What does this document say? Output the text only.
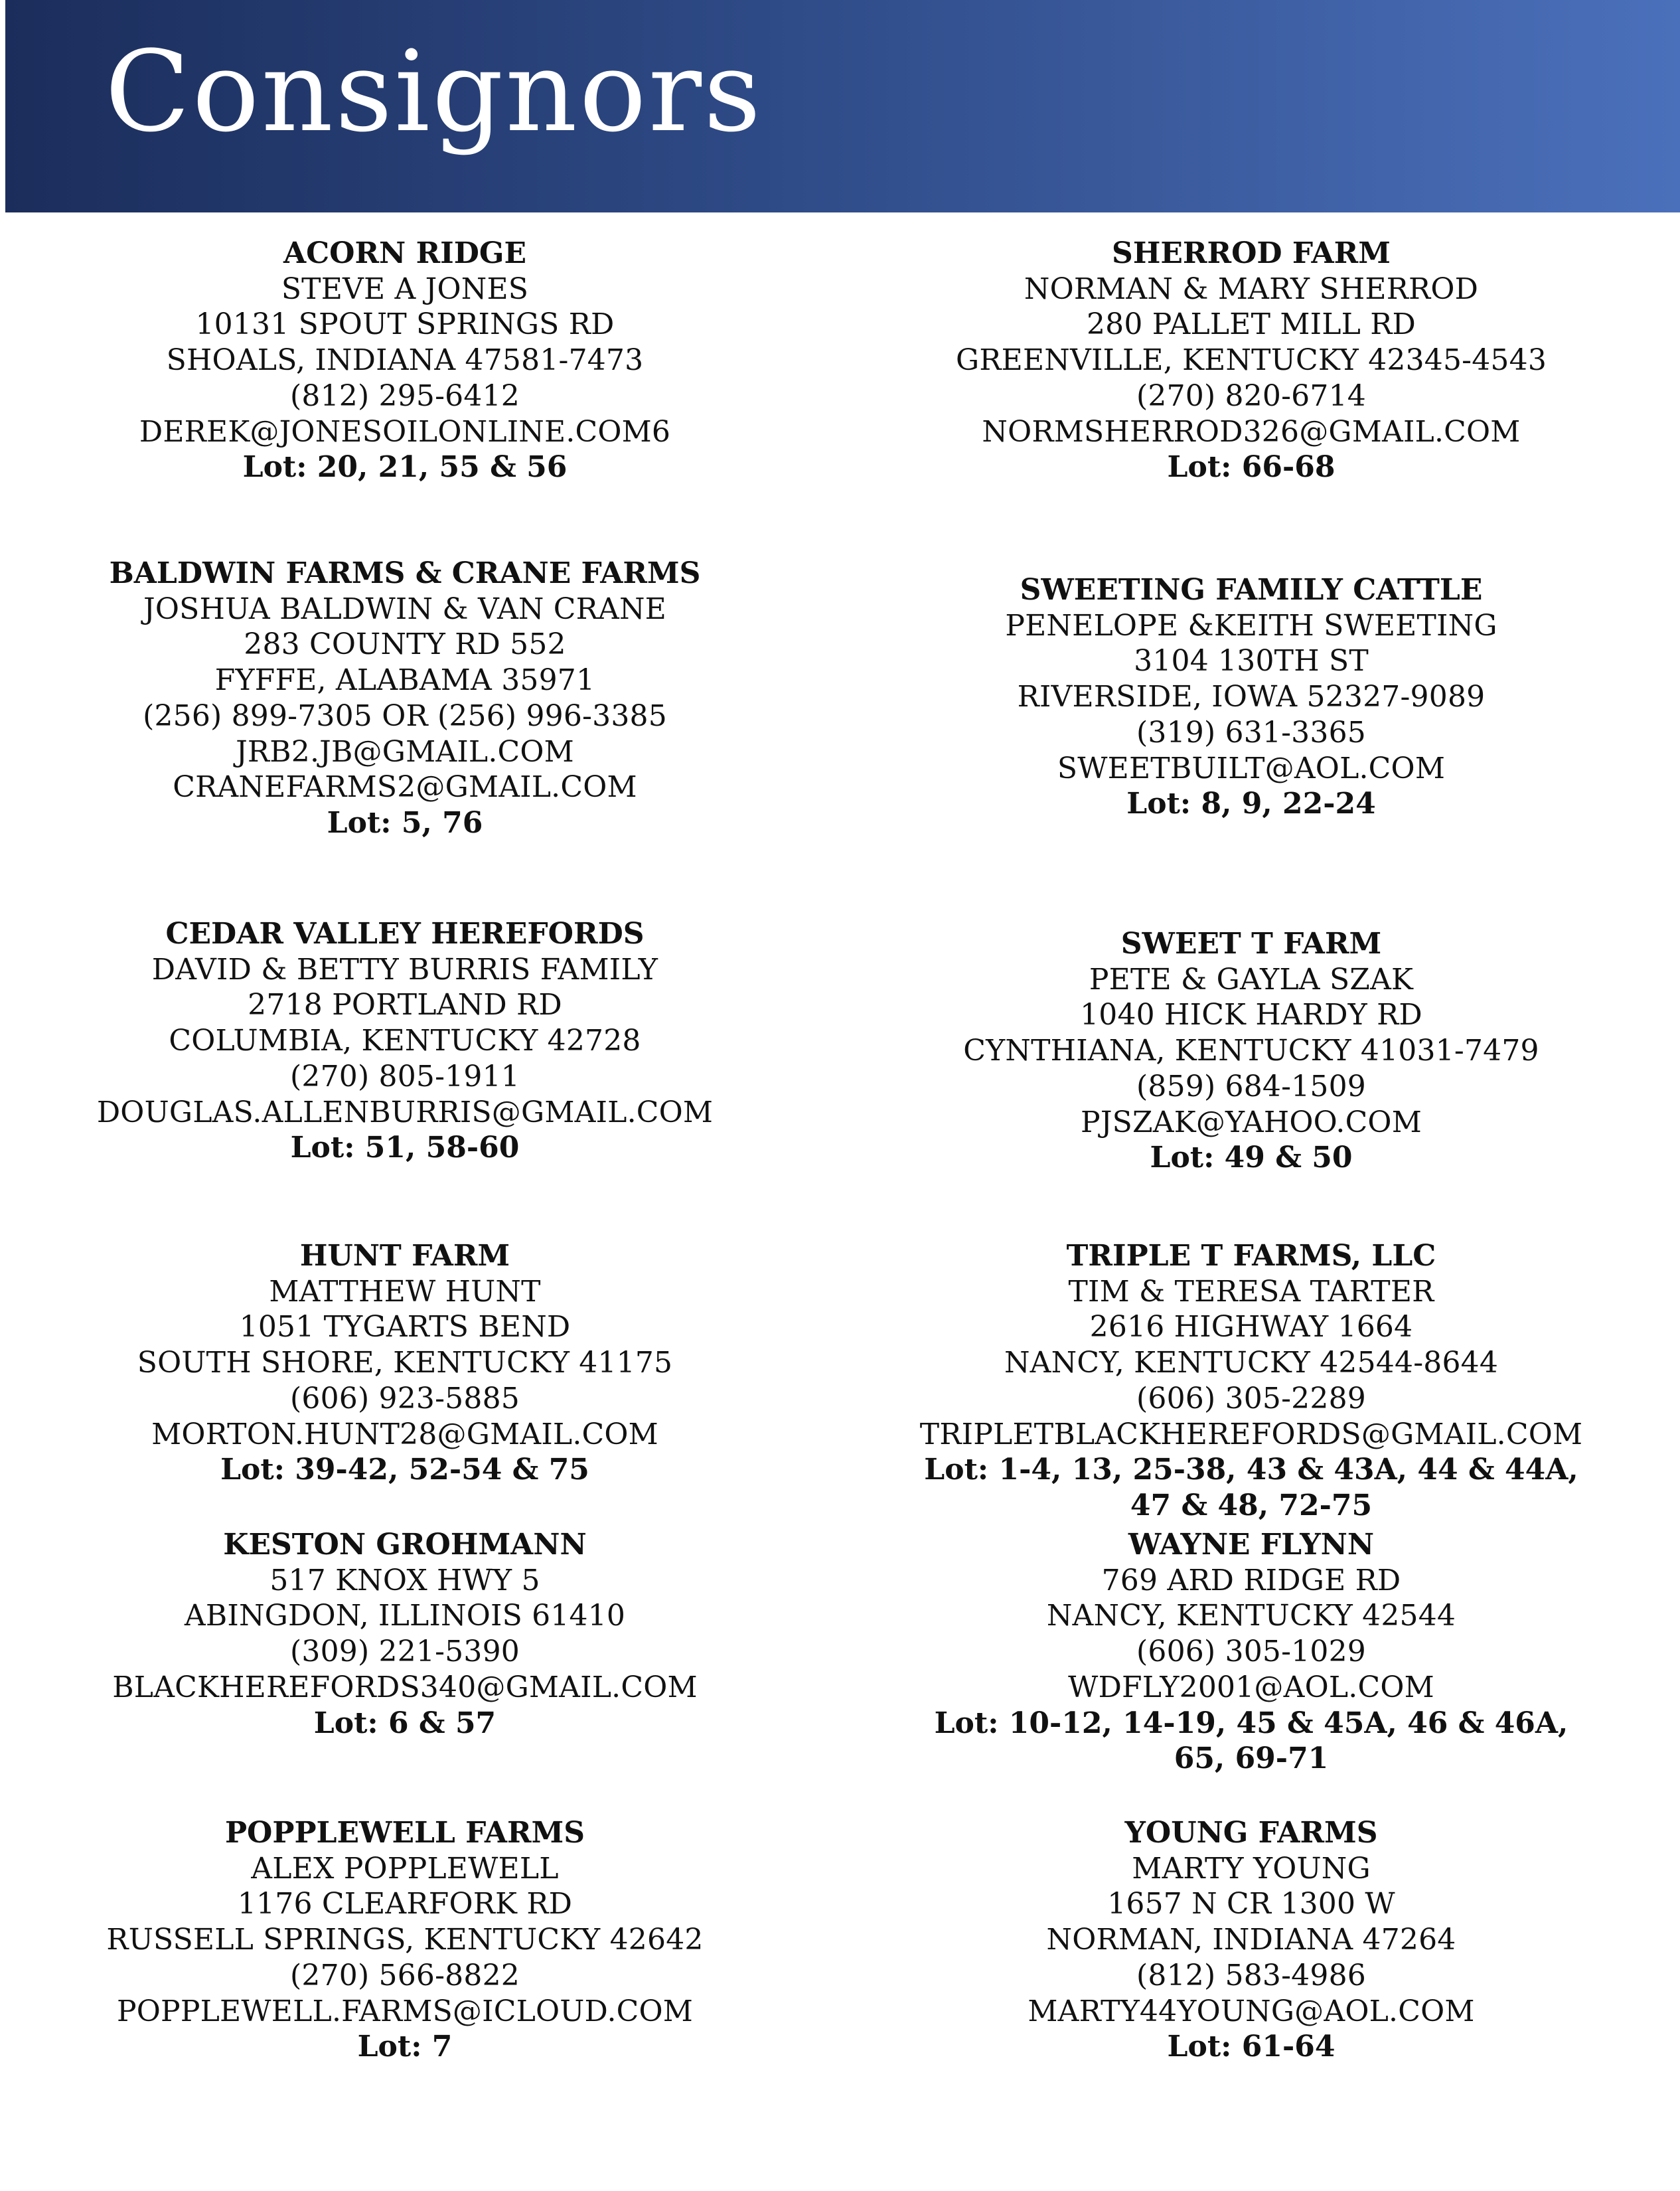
Consignors
ACORN RIDGE
STEVE A JONES
10131 SPOUT SPRINGS RD
SHOALS, INDIANA 47581-7473
(812) 295-6412
DEREK@JONESOILONLINE.COM6
Lot: 20, 21, 55 & 56
BALDWIN FARMS & CRANE FARMS
JOSHUA BALDWIN & VAN CRANE
283 COUNTY RD 552
FYFFE, ALABAMA 35971
(256) 899-7305 OR (256) 996-3385
JRB2.JB@GMAIL.COM
CRANEFARMS2@GMAIL.COM
Lot: 5, 76
CEDAR VALLEY HEREFORDS
DAVID & BETTY BURRIS FAMILY
2718 PORTLAND RD
COLUMBIA, KENTUCKY 42728
(270) 805-1911
DOUGLAS.ALLENBURRIS@GMAIL.COM
Lot: 51, 58-60
HUNT FARM
MATTHEW HUNT
1051 TYGARTS BEND
SOUTH SHORE, KENTUCKY 41175
(606) 923-5885
MORTON.HUNT28@GMAIL.COM
Lot: 39-42, 52-54 & 75
KESTON GROHMANN
517 KNOX HWY 5
ABINGDON, ILLINOIS 61410
(309) 221-5390
BLACKHEREFORDS340@GMAIL.COM
Lot: 6 & 57
POPPLEWELL FARMS
ALEX POPPLEWELL
1176 CLEARFORK RD
RUSSELL SPRINGS, KENTUCKY 42642
(270) 566-8822
POPPLEWELL.FARMS@ICLOUD.COM
Lot: 7
SHERROD FARM
NORMAN & MARY SHERROD
280 PALLET MILL RD
GREENVILLE, KENTUCKY 42345-4543
(270) 820-6714
NORMSHERROD326@GMAIL.COM
Lot: 66-68
SWEETING FAMILY CATTLE
PENELOPE &KEITH SWEETING
3104 130TH ST
RIVERSIDE, IOWA 52327-9089
(319) 631-3365
SWEETBUILT@AOL.COM
Lot: 8, 9, 22-24
SWEET T FARM
PETE & GAYLA SZAK
1040 HICK HARDY RD
CYNTHIANA, KENTUCKY 41031-7479
(859) 684-1509
PJSZAK@YAHOO.COM
Lot: 49 & 50
TRIPLE T FARMS, LLC
TIM & TERESA TARTER
2616 HIGHWAY 1664
NANCY, KENTUCKY 42544-8644
(606) 305-2289
TRIPLETBLACKHEREFORDS@GMAIL.COM
Lot: 1-4, 13, 25-38, 43 & 43A, 44 & 44A,
47 & 48, 72-75
WAYNE FLYNN
769 ARD RIDGE RD
NANCY, KENTUCKY 42544
(606) 305-1029
WDFLY2001@AOL.COM
Lot: 10-12, 14-19, 45 & 45A, 46 & 46A,
65, 69-71
YOUNG FARMS
MARTY YOUNG
1657 N CR 1300 W
NORMAN, INDIANA 47264
(812) 583-4986
MARTY44YOUNG@AOL.COM
Lot: 61-64
